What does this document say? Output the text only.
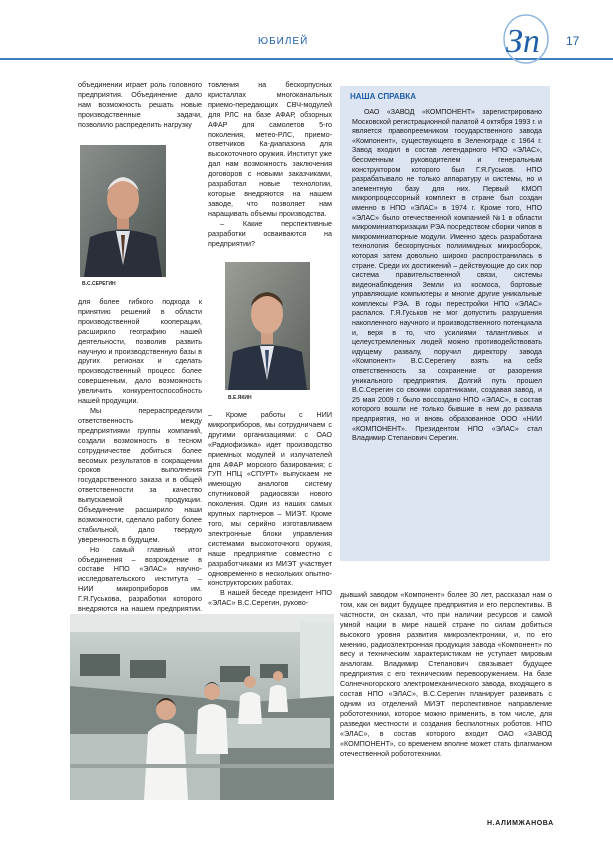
ЮБИЛЕЙ	Зп 17

объединении играет роль головного предприятия. Объединение дало нам возможность решать новые производственные задачи, позволило распределить нагрузку

В.С.СЕРЕГИН

для более гибкого подхода к принятию решений в области производственной кооперации, расширило географию нашей деятельности, позволив развить научную и производственную базы в других регионах и сделать производственный процесс более совершенным, дало возможность увеличить конкурентоспособность нашей продукции.

Мы перераспределили ответственность между предприятиями группы компаний, создали возможность в тесном сотрудничестве добиться более весомых результатов в сокращении сроков выполнения государственного заказа и в общей ответственности за качество выпускаемой продукции. Объединение расширило наши возможности, сделало работу более стабильной, дало твердую уверенность в будущем.

Но самый главный итог объединения – возрождение в составе НПО «ЭЛАС» научно-исследовательского института – НИИ микроприборов им. Г.Я.Гуськова, разработки которого внедряются на нашем предприятии.

товления на бескорпусных кристаллах многоканальных приемо-передающих СВЧ-модулей для РЛС на базе АФАР, обзорных АФАР для самолетов 5-го поколения, метео-РЛС, приемо-ответчиков Ка-диапазона для высокоточного оружия. Институт уже дал нам возможность заключения договоров с новыми заказчиками, разработал новые технологии, которые внедряются на нашем заводе, что позволяет нам наращивать объемы производства.

– Какие перспективные разработки осваиваются на предприятии?

В.Е.ЯКИН

– Кроме работы с НИИ микроприборов, мы сотрудничаем с другими организациями: с ОАО «Радиофизика» идет производство приемных модулей и излучателей для АФАР морского базирования; с ГУП НПЦ «СПУРТ» выпускаем не имеющую аналогов систему спутниковой радиосвязи нового поколения. Один из наших самых крупных партнеров – МИЭТ. Кроме того, мы серийно изготавливаем электронные блоки управления системами высокоточного оружия, наше предприятие совместно с разработчиками из МИЭТ участвует одновременно в нескольких опытно-конструкторских работах.

В нашей беседе президент НПО «ЭЛАС» В.С.Серегин, руково-

НАША СПРАВКА

ОАО «ЗАВОД «КОМПОНЕНТ» зарегистрировано Московской регистрационной палатой 4 октября 1993 г. и является правопреемником государственного завода «Компонент», существующего в Зеленограде с 1964 г. Завод входил в состав легендарного НПО «ЭЛАС», бессменным руководителем и генеральным конструктором которого был Г.Я.Гуськов. НПО разрабатывало не только аппаратуру и системы, но и элементную базу для них. Первый КМОП микропроцессорный комплект в стране был создан именно в НПО «ЭЛАС» в 1974 г. Кроме того, НПО «ЭЛАС» было отечественной компанией №1 в области микроминиатюризации РЭА посредством сборки чипов в микроминиатюрные модули. Именно здесь разработана технология бескорпусных полиимидных микросборок, которая затем довольно широко распространилась в стране. Среди их достижений – действующие до сих пор система правительственной связи, системы видеонаблюдения Земли из космоса, бортовые управляющие компьютеры и многие другие уникальные комплексы РЭА. В годы перестройки НПО «ЭЛАС» распался. Г.Я.Гуськов не мог допустить разрушения накопленного научного и производственного потенциала и, веря в то, что усилиями талантливых и целеустремленных людей можно противодействовать идущему развалу, поручил директору завода «Компонент» В.С.Серегину взять на себя ответственность за сохранение от разорения уникального предприятия. Долгий путь прошел В.С.Серегин со своими соратниками, создавая завод, и 25 мая 2009 г. было воссоздано НПО «ЭЛАС», в состав которого вошли не только бывшие в нем до развала предприятия, но и вновь образованное ООО «НИИ «КОМПОНЕНТ». Президентом НПО «ЭЛАС» стал Владимир Степанович Серегин.

дывший заводом «Компонент» более 30 лет, рассказал нам о том, как он видит будущее предприятия и его перспективы. В частности, он сказал, что при наличии ресурсов и самой умной нации в мире нашей стране по силам добиться высокого уровня развития микроэлектроники, и, по его мнению, радиоэлектронная продукция завода «Компонент» по весу и техническим характеристикам не уступает мировым аналогам. Владимир Степанович связывает будущее предприятия с его техническим перевооружением. На базе Солнечногорского электромеханического завода, входящего в состав НПО «ЭЛАС», В.С.Серегин планирует развивать с одним из отделений МИЭТ перспективное направление робототехники, которое можно применить, в том числе, для разведки местности и создания беспилотных роботов. НПО «ЭЛАС», в состав которого входит ОАО «ЗАВОД «КОМПОНЕНТ», со временем вполне может стать флагманом отечественной робототехники.

Н.АЛИМЖАНОВА
